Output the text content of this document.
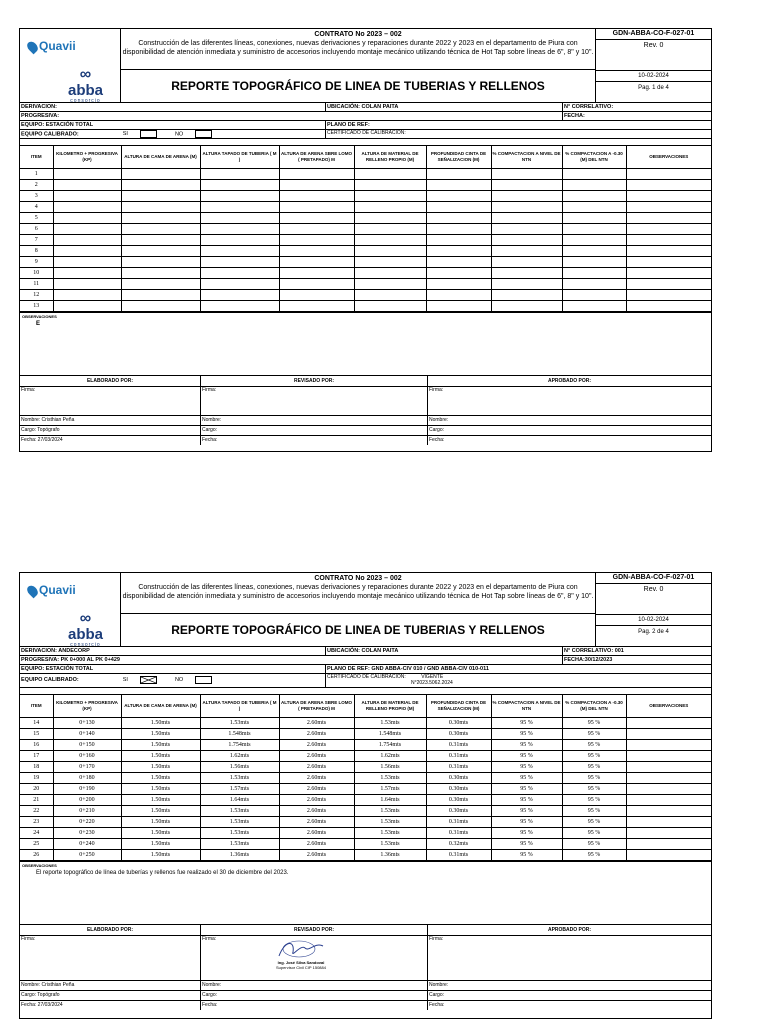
Quavii
∞
abba
consorcio
CONTRATO No 2023 – 002
Construcción de las diferentes líneas, conexiones, nuevas derivaciones y reparaciones durante 2022 y 2023 en el departamento de Piura con disponibilidad de atención inmediata y suministro de accesorios incluyendo montaje mecánico utilizando técnica de Hot Tap sobre líneas de 6", 8" y 10".
REPORTE TOPOGRÁFICO DE LINEA DE TUBERIAS Y RELLENOS
GDN-ABBA-CO-F-027-01
Rev. 0
10-02-2024
Pag. 1 de 4
DERIVACION:	UBICACIÓN: COLAN PAITA	N° CORRELATIVO:
PROGRESIVA:	FECHA:
EQUIPO: ESTACIÓN TOTAL	PLANO DE REF:
EQUIPO CALIBRADO:	SI	NO	CERTIFICADO DE CALIBRACION:
ITEM	KILOMETRO + PROGRESIVA (KP)	ALTURA DE CAMA DE ARENA (M)	ALTURA TAPADO DE TUBERIA ( M )	ALTURA DE ARENA SBRE LOMO ( PRETAPADO) M	ALTURA DE MATERIAL DE RELLENO PROPIO (M)	PROFUNDIDAD CINTA DE SEÑALIZACION (M)	% COMPACTACION A NIVEL DE NTN	% COMPACTACION A -0.30 (M) DEL NTN	OBSERVACIONES
1									
2									
3									
4									
5									
6									
7									
8									
9									
10									
11									
12									
13									
OBSERVACIONES
E
ELABORADO POR:
Firma:
Nombre: Cristhian Peña
Cargo: Topógrafo
Fecha: 27/03/2024
REVISADO POR:
Firma:
Nombre:
Cargo:
Fecha:
APROBADO POR:
Firma:
Nombre:
Cargo:
Fecha:
Quavii
∞
abba
consorcio
CONTRATO No 2023 – 002
Construcción de las diferentes líneas, conexiones, nuevas derivaciones y reparaciones durante 2022 y 2023 en el departamento de Piura con disponibilidad de atención inmediata y suministro de accesorios incluyendo montaje mecánico utilizando técnica de Hot Tap sobre líneas de 6", 8" y 10".
REPORTE TOPOGRÁFICO DE LINEA DE TUBERIAS Y RELLENOS
GDN-ABBA-CO-F-027-01
Rev. 0
10-02-2024
Pag. 2 de 4
DERIVACION: ANDECORP	UBICACIÓN: COLAN PAITA	N° CORRELATIVO: 001
PROGRESIVA: PK 0+000 AL PK 0+429	FECHA:30/12/2023
EQUIPO: ESTACIÓN TOTAL	PLANO DE REF: GND ABBA-CIV 010 / GND ABBA-CIV 010-011
EQUIPO CALIBRADO:	SI	NO	CERTIFICADO DE CALIBRACION:	VIGENTE
N°2023.5062.2024
ITEM	KILOMETRO + PROGRESIVA (KP)	ALTURA DE CAMA DE ARENA (M)	ALTURA TAPADO DE TUBERIA ( M )	ALTURA DE ARENA SBRE LOMO ( PRETAPADO) M	ALTURA DE MATERIAL DE RELLENO PROPIO (M)	PROFUNDIDAD CINTA DE SEÑALIZACION (M)	% COMPACTACION A NIVEL DE NTN	% COMPACTACION A -0.30 (M) DEL NTN	OBSERVACIONES
14	0+130	1.50mts	1.53mts	2.60mts	1.53mts	0.30mts	95 %	95 %	
15	0+140	1.50mts	1.548mts	2.60mts	1.548mts	0.30mts	95 %	95 %	
16	0+150	1.50mts	1.754mts	2.60mts	1.754mts	0.31mts	95 %	95 %	
17	0+160	1.50mts	1.62mts	2.60mts	1.62mts	0.31mts	95 %	95 %	
18	0+170	1.50mts	1.56mts	2.60mts	1.56mts	0.31mts	95 %	95 %	
19	0+180	1.50mts	1.53mts	2.60mts	1.53mts	0.30mts	95 %	95 %	
20	0+190	1.50mts	1.57mts	2.60mts	1.57mts	0.30mts	95 %	95 %	
21	0+200	1.50mts	1.64mts	2.60mts	1.64mts	0.30mts	95 %	95 %	
22	0+210	1.50mts	1.53mts	2.60mts	1.53mts	0.30mts	95 %	95 %	
23	0+220	1.50mts	1.53mts	2.60mts	1.53mts	0.31mts	95 %	95 %	
24	0+230	1.50mts	1.53mts	2.60mts	1.53mts	0.31mts	95 %	95 %	
25	0+240	1.50mts	1.53mts	2.60mts	1.53mts	0.32mts	95 %	95 %	
26	0+250	1.50mts	1.36mts	2.60mts	1.36mts	0.31mts	95 %	95 %	
OBSERVACIONES
El reporte topográfico de línea de tuberías y rellenos fue realizado el 30 de diciembre del 2023.
ELABORADO POR:
Firma:
Nombre: Cristhian Peña
Cargo: Topógrafo
Fecha: 27/03/2024
REVISADO POR:
Firma:
Ing. José Silva Sandoval
Supervisor Civil CIP 150884
Nombre:
Cargo:
Fecha:
APROBADO POR:
Firma:
Nombre:
Cargo:
Fecha:
